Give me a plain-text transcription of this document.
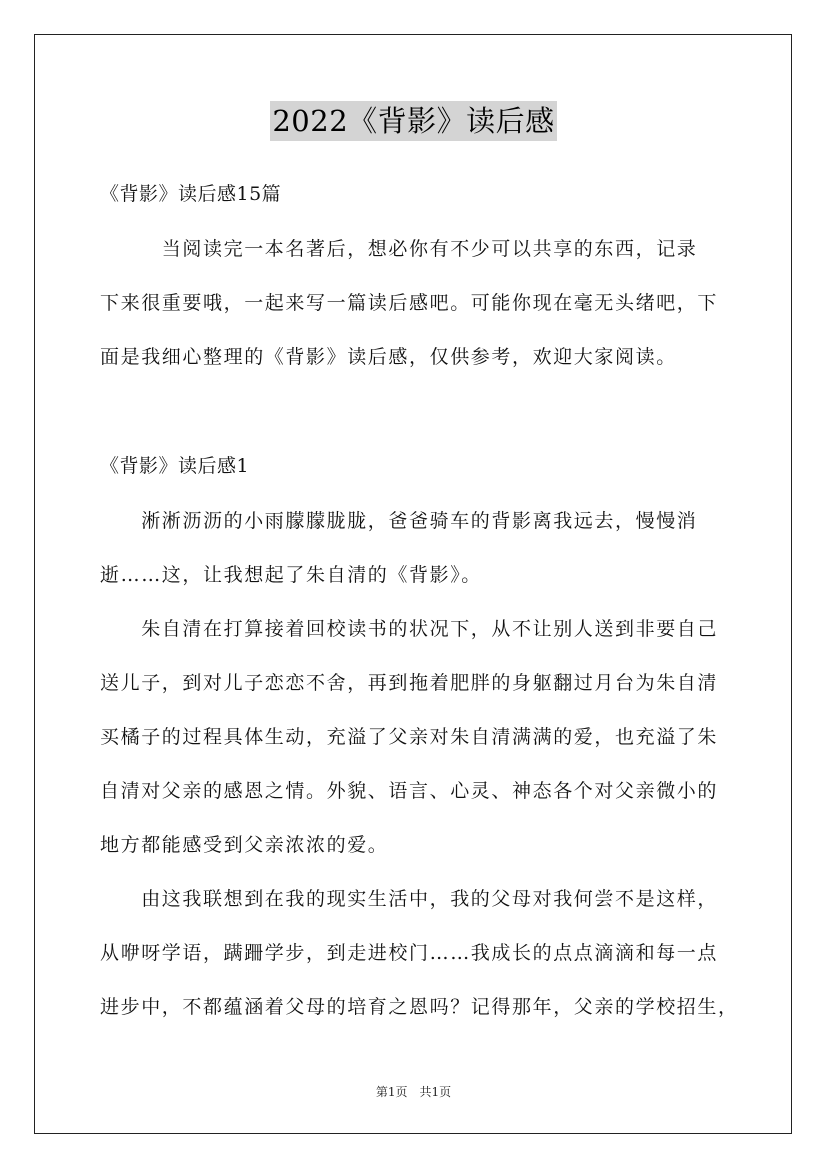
2022《背影》读后感
《背影》读后感15篇
　　　当阅读完一本名著后，想必你有不少可以共享的东西，记录
下来很重要哦，一起来写一篇读后感吧。可能你现在毫无头绪吧，下
面是我细心整理的《背影》读后感，仅供参考，欢迎大家阅读。
《背影》读后感1
　　淅淅沥沥的小雨朦朦胧胧，爸爸骑车的背影离我远去，慢慢消
逝……这，让我想起了朱自清的《背影》。
　　朱自清在打算接着回校读书的状况下，从不让别人送到非要自己
送儿子，到对儿子恋恋不舍，再到拖着肥胖的身躯翻过月台为朱自清
买橘子的过程具体生动，充溢了父亲对朱自清满满的爱，也充溢了朱
自清对父亲的感恩之情。外貌、语言、心灵、神态各个对父亲微小的
地方都能感受到父亲浓浓的爱。
　　由这我联想到在我的现实生活中，我的父母对我何尝不是这样，
从咿呀学语，蹒跚学步，到走进校门……我成长的点点滴滴和每一点
进步中，不都蕴涵着父母的培育之恩吗？记得那年，父亲的学校招生，
第1页　共1页
